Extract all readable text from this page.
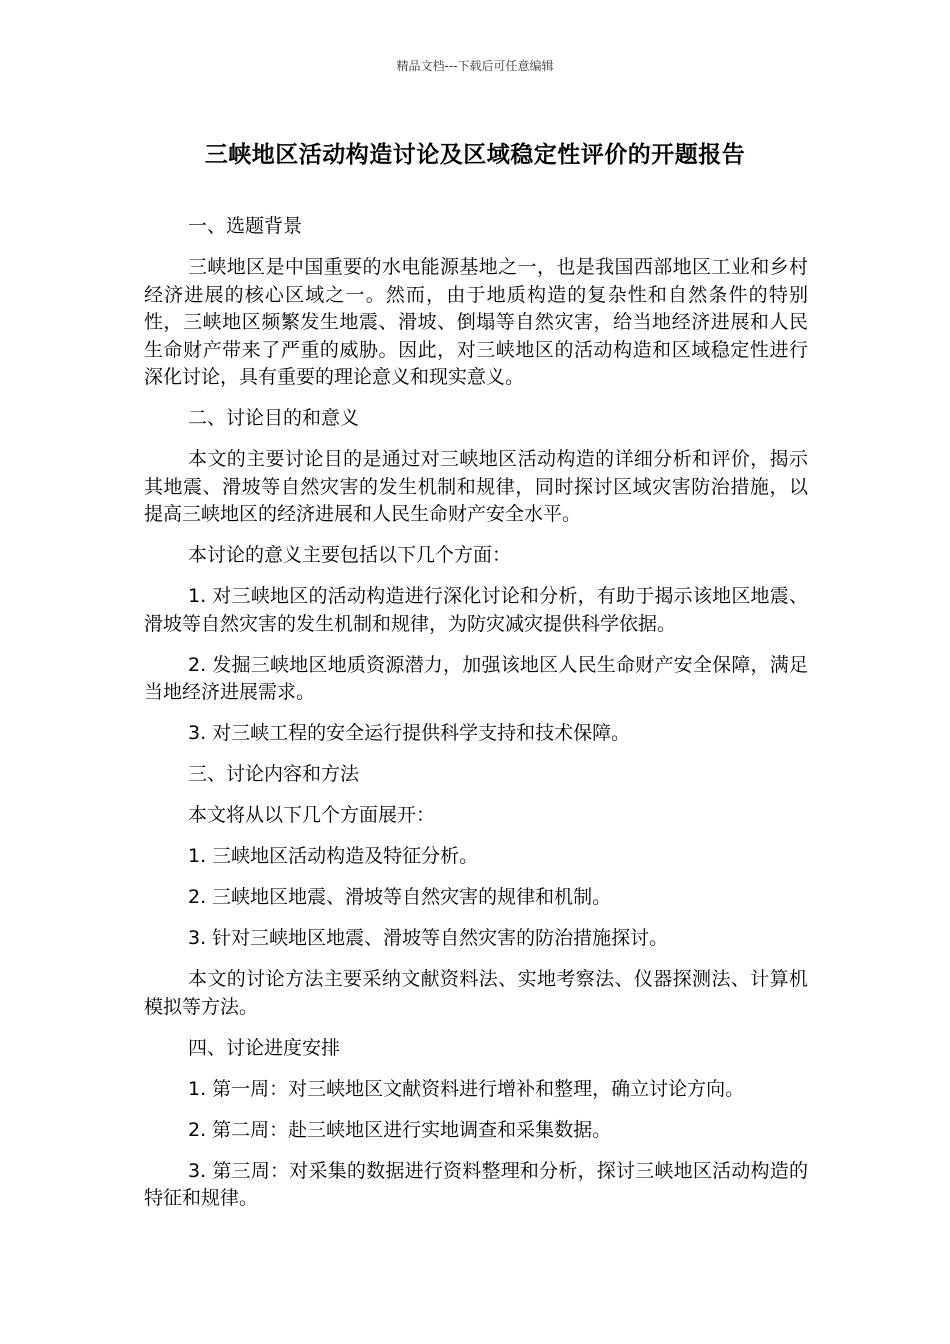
精品文档---下载后可任意编辑
三峡地区活动构造讨论及区域稳定性评价的开题报告

一、选题背景

三峡地区是中国重要的水电能源基地之一，也是我国西部地区工业和乡村经济进展的核心区域之一。然而，由于地质构造的复杂性和自然条件的特别性，三峡地区频繁发生地震、滑坡、倒塌等自然灾害，给当地经济进展和人民生命财产带来了严重的威胁。因此，对三峡地区的活动构造和区域稳定性进行深化讨论，具有重要的理论意义和现实意义。

二、讨论目的和意义

本文的主要讨论目的是通过对三峡地区活动构造的详细分析和评价，揭示其地震、滑坡等自然灾害的发生机制和规律，同时探讨区域灾害防治措施，以提高三峡地区的经济进展和人民生命财产安全水平。

本讨论的意义主要包括以下几个方面：

1. 对三峡地区的活动构造进行深化讨论和分析，有助于揭示该地区地震、滑坡等自然灾害的发生机制和规律，为防灾减灾提供科学依据。

2. 发掘三峡地区地质资源潜力，加强该地区人民生命财产安全保障，满足当地经济进展需求。

3. 对三峡工程的安全运行提供科学支持和技术保障。

三、讨论内容和方法

本文将从以下几个方面展开：

1. 三峡地区活动构造及特征分析。

2. 三峡地区地震、滑坡等自然灾害的规律和机制。

3. 针对三峡地区地震、滑坡等自然灾害的防治措施探讨。

本文的讨论方法主要采纳文献资料法、实地考察法、仪器探测法、计算机模拟等方法。

四、讨论进度安排

1. 第一周：对三峡地区文献资料进行增补和整理，确立讨论方向。

2. 第二周：赴三峡地区进行实地调查和采集数据。

3. 第三周：对采集的数据进行资料整理和分析，探讨三峡地区活动构造的特征和规律。
